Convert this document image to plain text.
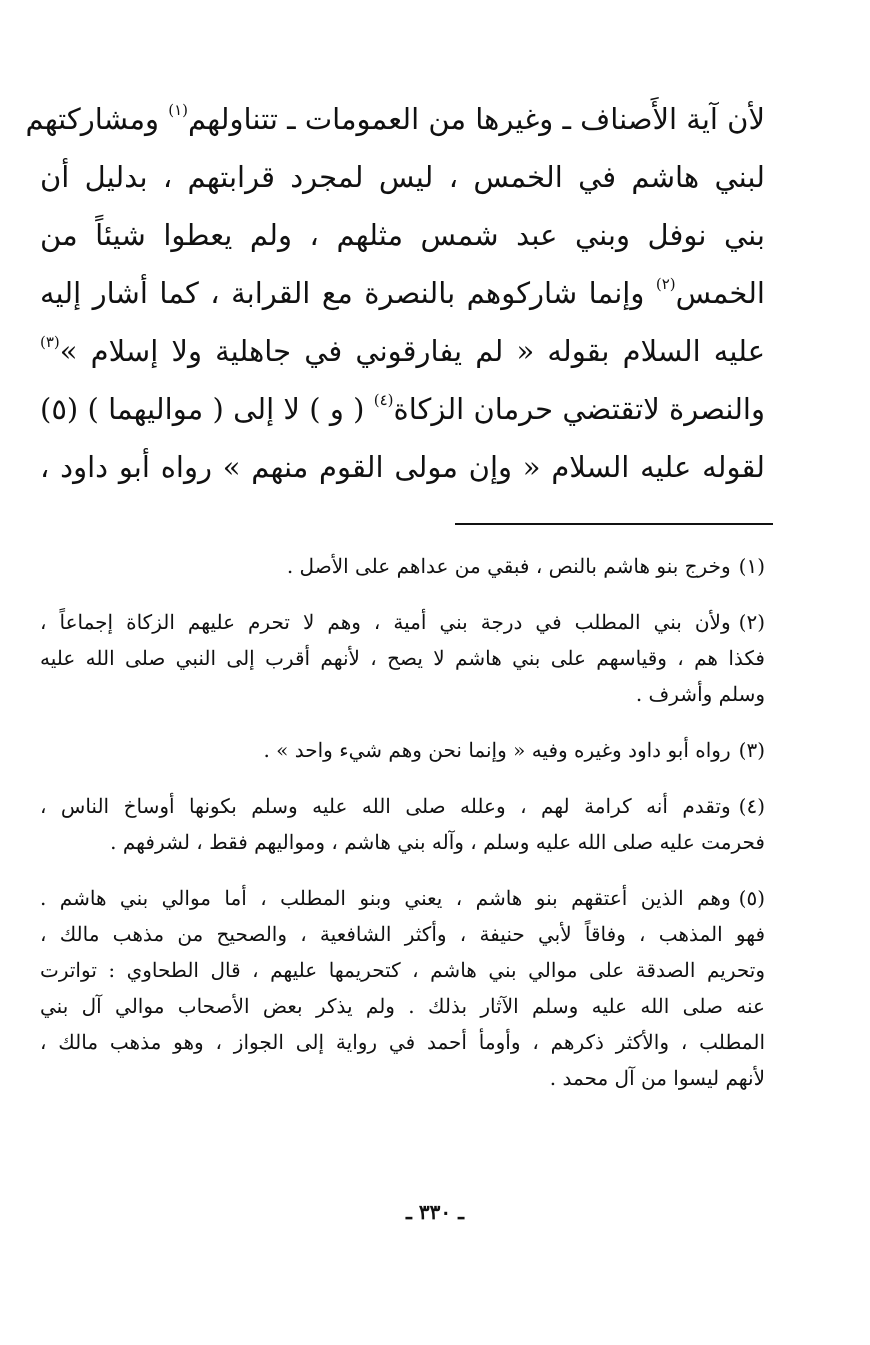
لأن آية الأَصناف ـ وغيرها من العمومات ـ تتناولهم$^{(١)}$ ومشاركتهم
لبني هاشم في الخمس ، ليس لمجرد قرابتهم ، بدليل أن
بني نوفل وبني عبد شمس مثلهم ، ولم يعطوا شيئاً من
الخمس$^{(٢)}$ وإنما شاركوهم بالنصرة مع القرابة ، كما أشار إليه
عليه السلام بقوله « لم يفارقوني في جاهلية ولا إسلام »$^{(٣)}$
والنصرة لاتقتضي حرمان الزكاة$^{(٤)}$ ( و ) لا إلى ( مواليهما ) (٥)
لقوله عليه السلام « وإن مولى القوم منهم » رواه أبو داود ،
(١)وخرج بنو هاشم بالنص ، فبقي من عداهم على الأصل .
(٢)ولأن بني المطلب في درجة بني أمية ، وهم لا تحرم عليهم الزكاة إجماعاً ،
فكذا هم ، وقياسهم على بني هاشم لا يصح ، لأنهم أقرب إلى النبي صلى الله عليه
وسلم وأشرف .
(٣)رواه أبو داود وغيره وفيه « وإنما نحن وهم شيء واحد » .
(٤)وتقدم أنه كرامة لهم ، وعلله صلى الله عليه وسلم بكونها أوساخ الناس ،
فحرمت عليه صلى الله عليه وسلم ، وآله بني هاشم ، ومواليهم فقط ، لشرفهم .
(٥)وهم الذين أعتقهم بنو هاشم ، يعني وبنو المطلب ، أما موالي بني هاشم .
فهو المذهب ، وفاقاً لأبي حنيفة ، وأكثر الشافعية ، والصحيح من مذهب مالك ،
وتحريم الصدقة على موالي بني هاشم ، كتحريمها عليهم ، قال الطحاوي : تواترت
عنه صلى الله عليه وسلم الآثار بذلك . ولم يذكر بعض الأصحاب موالي آل بني
المطلب ، والأكثر ذكرهم ، وأومأ أحمد في رواية إلى الجواز ، وهو مذهب مالك ،
لأنهم ليسوا من آل محمد .
ـ ٣٣٠ ـ
